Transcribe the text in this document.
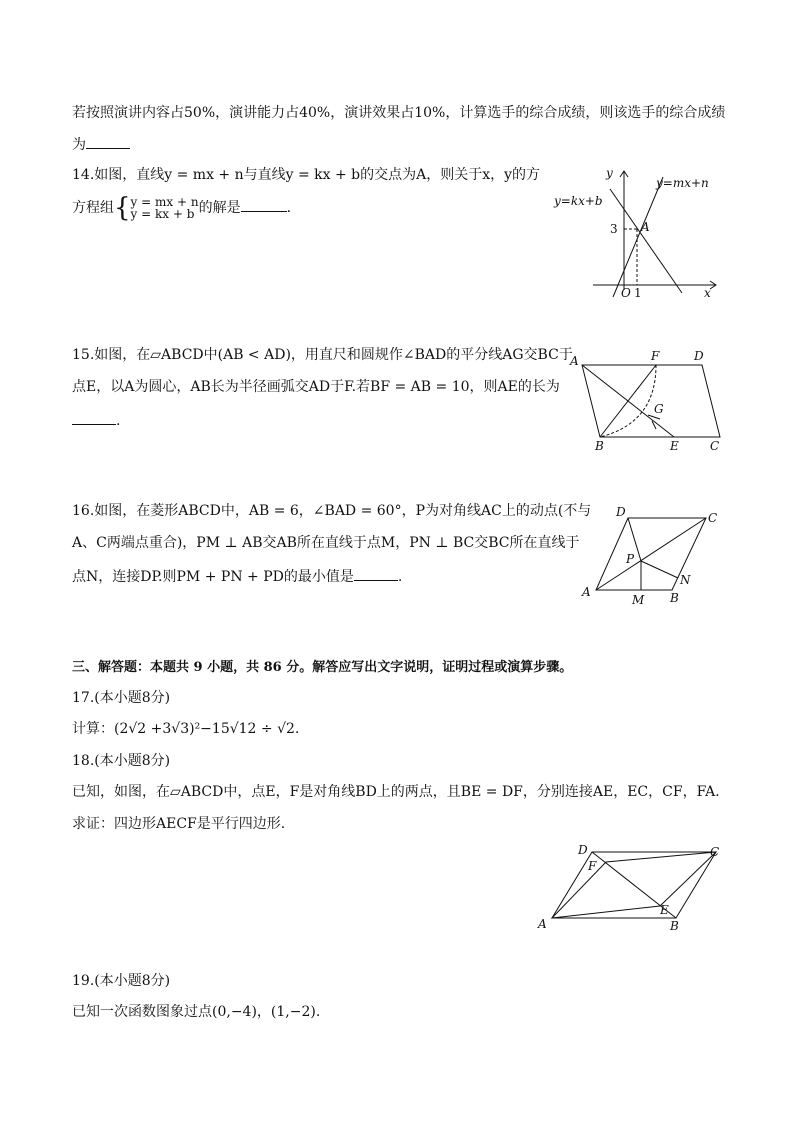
若按照演讲内容占50%，演讲能力占40%，演讲效果占10%，计算选手的综合成绩，则该选手的综合成绩
为
14.如图，直线y = mx + n与直线y = kx + b的交点为A，则关于x，y的方
方程组{ y = mx + n
y = kx + b 的解是	.
y
x
O 1
3 A
y=mx+n
y=kx+b
15.如图，在▱ABCD中(AB < AD)，用直尺和圆规作∠BAD的平分线AG交BC于
点E，以A为圆心，AB长为半径画弧交AD于F.若BF = AB = 10，则AE的长为
.
A	F	D
G
B	E	C
16.如图，在菱形ABCD中，AB = 6，∠BAD = 60°，P为对角线AC上的动点(不与
A、C两端点重合)，PM ⊥ AB交AB所在直线于点M，PN ⊥ BC交BC所在直线于
点N，连接DP.则PM + PN + PD的最小值是	.
D	C
P
N
A
M B
三、解答题：本题共 9 小题，共 86 分。解答应写出文字说明，证明过程或演算步骤。
17.(本小题8分)
计算：(2√2 +3√3)²−15√12 ÷ √2.
18.(本小题8分)
已知，如图，在▱ABCD中，点E，F是对角线BD上的两点，且BE = DF，分别连接AE，EC，CF，FA.
求证：四边形AECF是平行四边形.
D	C
F
E
A	B
19.(本小题8分)
已知一次函数图象过点(0,−4)，(1,−2).
